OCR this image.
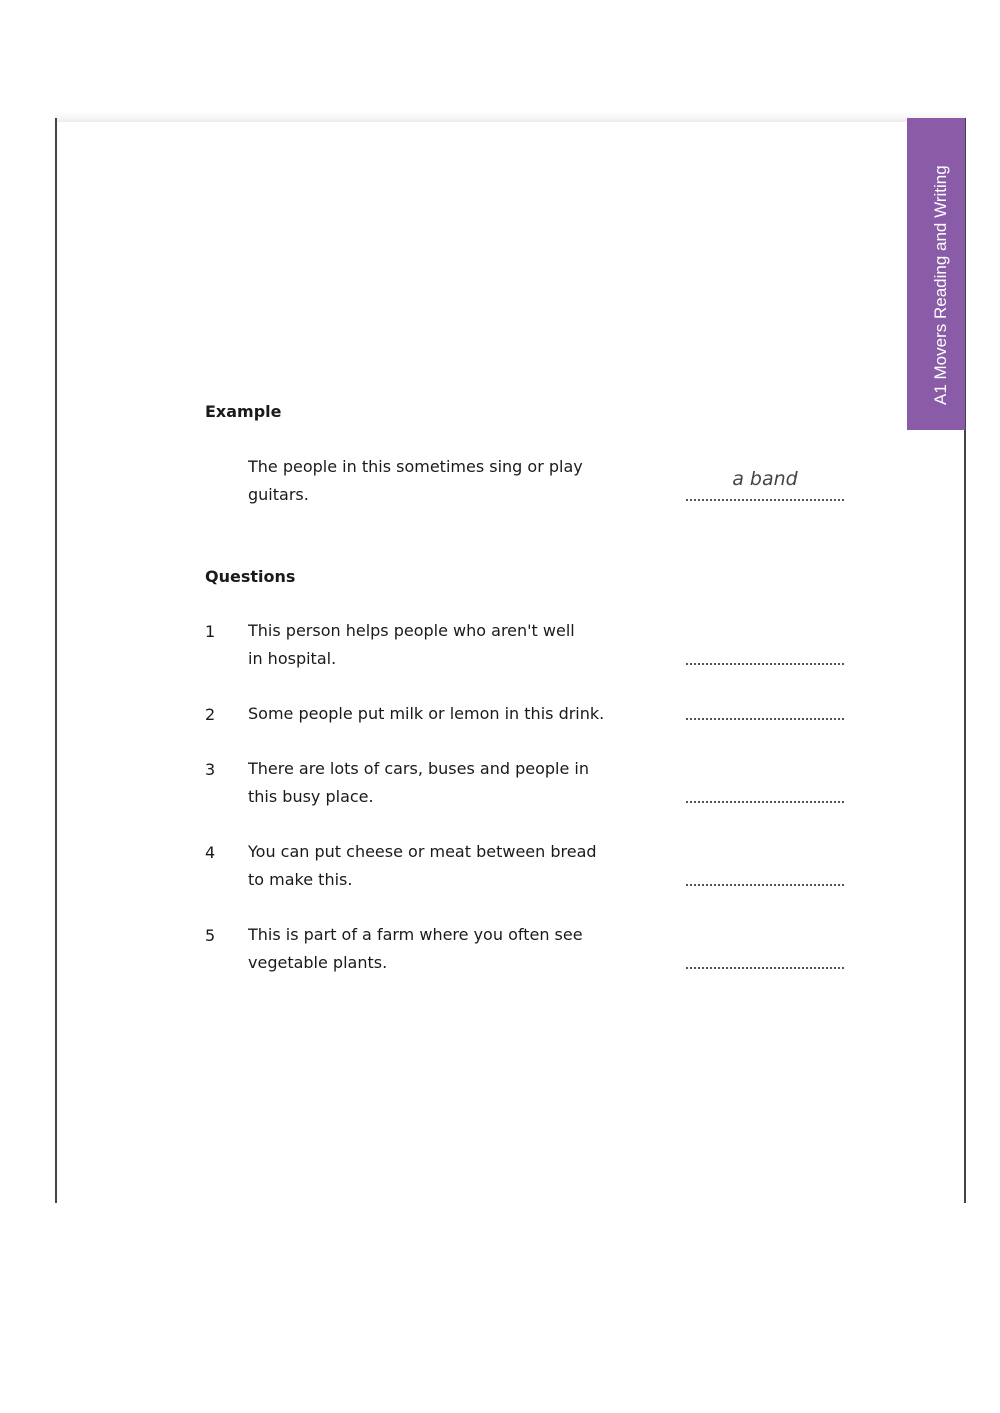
A1 Movers Reading and Writing
Example
The people in this sometimes sing or play
guitars.
a band
Questions
1 This person helps people who aren't well
in hospital.
2 Some people put milk or lemon in this drink.
3 There are lots of cars, buses and people in
this busy place.
4 You can put cheese or meat between bread
to make this.
5 This is part of a farm where you often see
vegetable plants.
